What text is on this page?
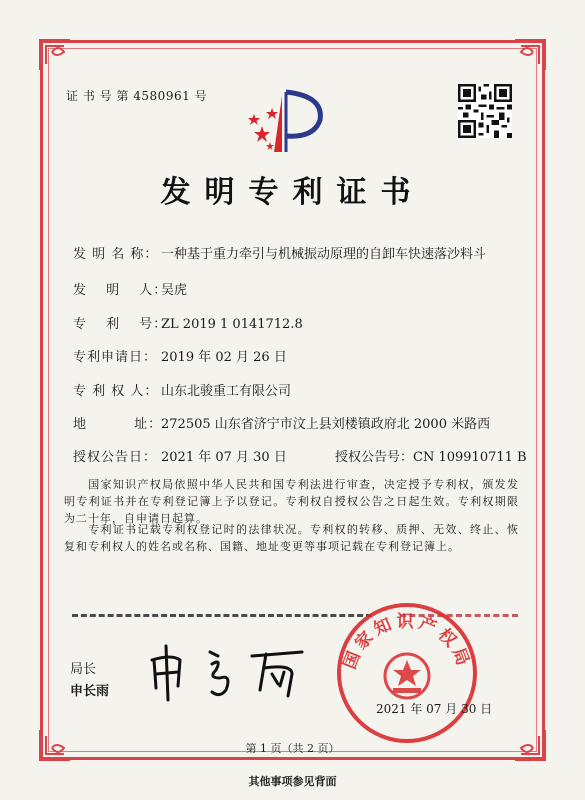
证 书 号 第 4580961 号
发明专利证书
发 明 名 称： 一种基于重力牵引与机械振动原理的自卸车快速落沙料斗
发　 明　 人：吴虎
专　 利　 号：ZL 2019 1 0141712.8
专利申请日： 2019 年 02 月 26 日
专 利 权 人： 山东北骏重工有限公司
地　　　 址：272505 山东省济宁市汶上县刘楼镇政府北 2000 米路西
授权公告日： 2021 年 07 月 30 日	授权公告号：CN 109910711 B
国家知识产权局依照中华人民共和国专利法进行审查，决定授予专利权，颁发发明专利证书并在专利登记簿上予以登记。专利权自授权公告之日起生效。专利权期限为二十年，自申请日起算。
专利证书记载专利权登记时的法律状况。专利权的转移、质押、无效、终止、恢复和专利权人的姓名或名称、国籍、地址变更等事项记载在专利登记簿上。
局长
申长雨
国家知识产权局
2021 年 07 月 30 日
第 1 页（共 2 页）
其他事项参见背面
